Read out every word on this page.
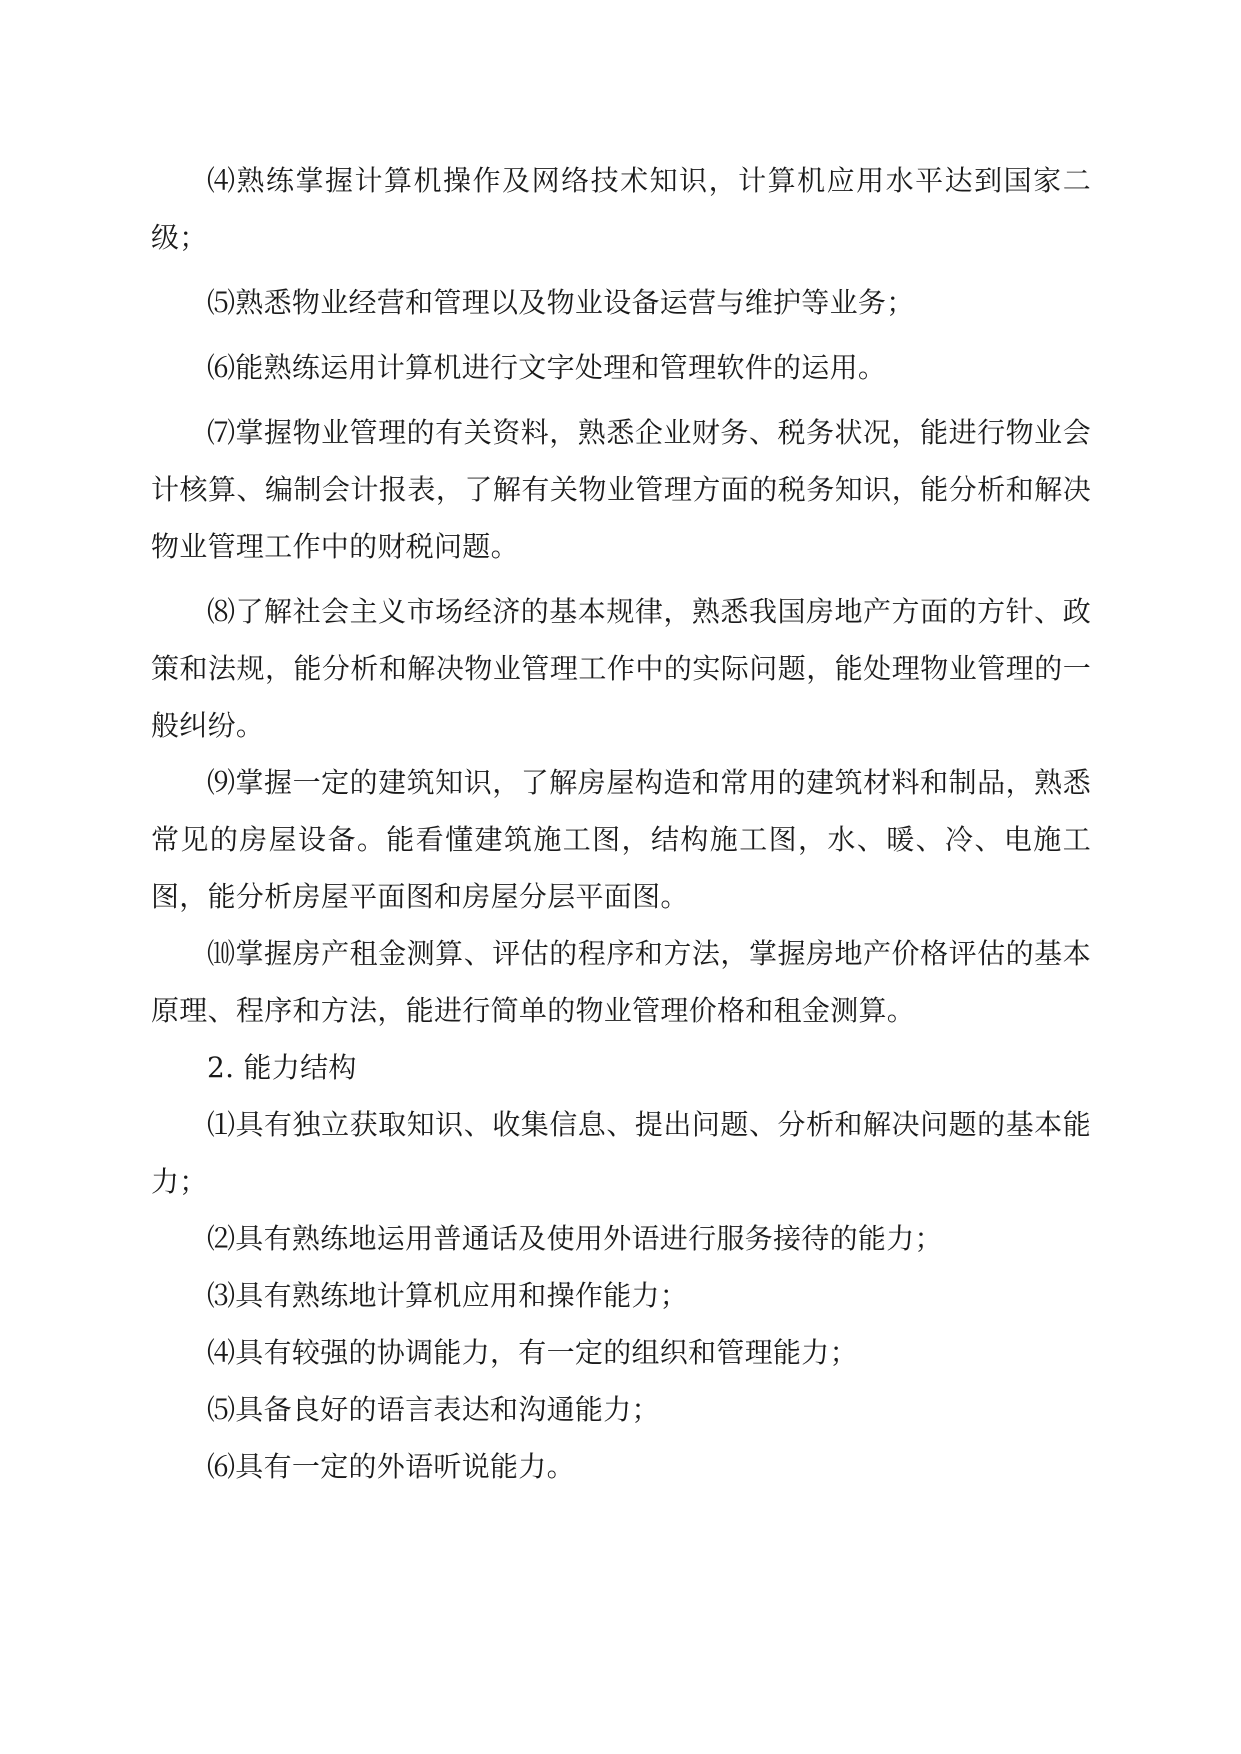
⑷熟练掌握计算机操作及网络技术知识，计算机应用水平达到国家二级；

⑸熟悉物业经营和管理以及物业设备运营与维护等业务；

⑹能熟练运用计算机进行文字处理和管理软件的运用。

⑺掌握物业管理的有关资料，熟悉企业财务、税务状况，能进行物业会计核算、编制会计报表，了解有关物业管理方面的税务知识，能分析和解决物业管理工作中的财税问题。

⑻了解社会主义市场经济的基本规律，熟悉我国房地产方面的方针、政策和法规，能分析和解决物业管理工作中的实际问题，能处理物业管理的一般纠纷。

⑼掌握一定的建筑知识，了解房屋构造和常用的建筑材料和制品，熟悉常见的房屋设备。能看懂建筑施工图，结构施工图，水、暖、冷、电施工图，能分析房屋平面图和房屋分层平面图。

⑽掌握房产租金测算、评估的程序和方法，掌握房地产价格评估的基本原理、程序和方法，能进行简单的物业管理价格和租金测算。

2. 能力结构

⑴具有独立获取知识、收集信息、提出问题、分析和解决问题的基本能力；

⑵具有熟练地运用普通话及使用外语进行服务接待的能力；

⑶具有熟练地计算机应用和操作能力；

⑷具有较强的协调能力，有一定的组织和管理能力；

⑸具备良好的语言表达和沟通能力；

⑹具有一定的外语听说能力。
